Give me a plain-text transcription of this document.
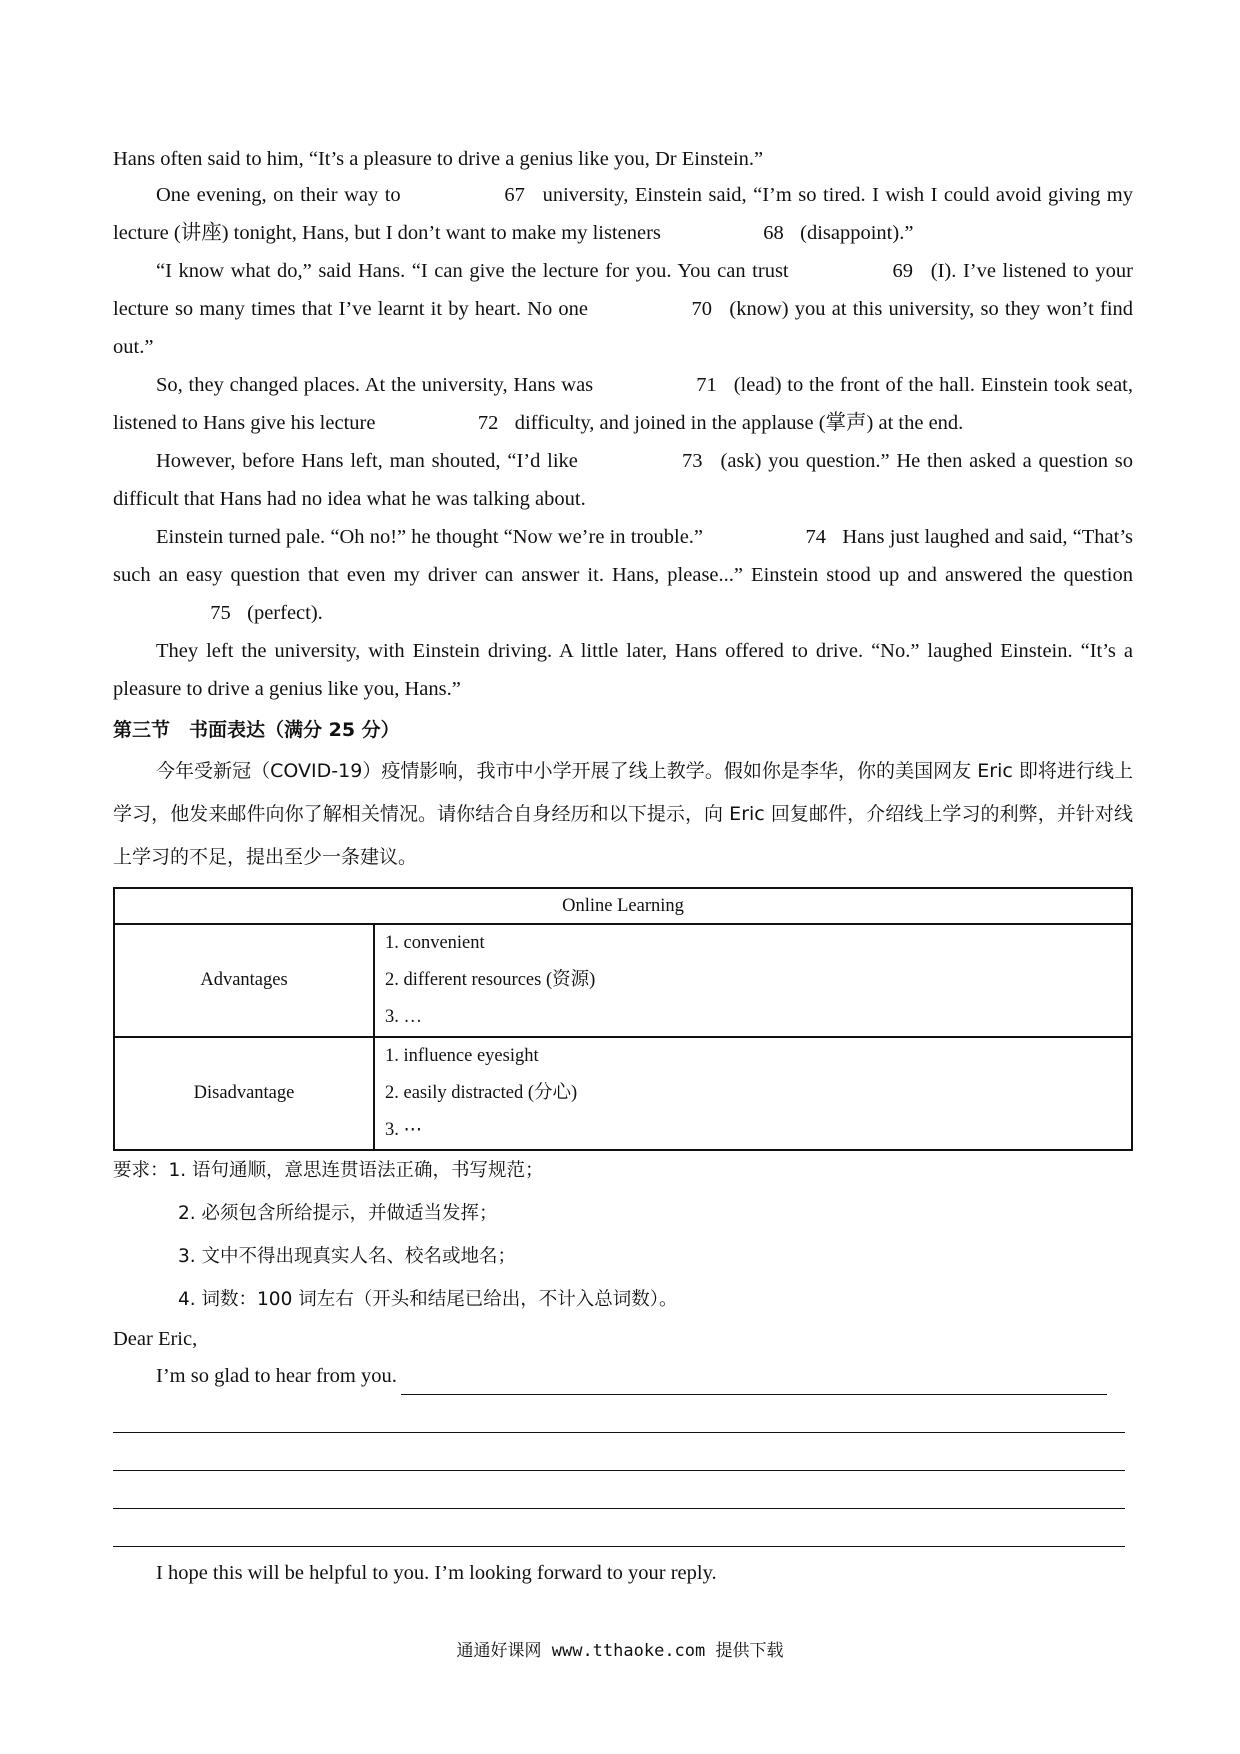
Hans often said to him, “It’s a pleasure to drive a genius like you, Dr Einstein.”

One evening, on their way to	67 university, Einstein said, “I’m so tired. I wish I could avoid giving my lecture (讲座) tonight, Hans, but I don’t want to make my listeners	68 (disappoint).”

“I know what do,” said Hans. “I can give the lecture for you. You can trust	69 (I). I’ve listened to your lecture so many times that I’ve learnt it by heart. No one	70 (know) you at this university, so they won’t find out.”

So, they changed places. At the university, Hans was	71 (lead) to the front of the hall. Einstein took seat, listened to Hans give his lecture	72 difficulty, and joined in the applause (掌声) at the end.

However, before Hans left, man shouted, “I’d like	73 (ask) you question.” He then asked a question so difficult that Hans had no idea what he was talking about.

Einstein turned pale. “Oh no!” he thought “Now we’re in trouble.”	74 Hans just laughed and said, “That’s such an easy question that even my driver can answer it. Hans, please...” Einstein stood up and answered the question 75 (perfect).

They left the university, with Einstein driving. A little later, Hans offered to drive. “No.” laughed Einstein. “It’s a pleasure to drive a genius like you, Hans.”

第三节　书面表达（满分 25 分）

今年受新冠（COVID-19）疫情影响，我市中小学开展了线上教学。假如你是李华，你的美国网友 Eric 即将进行线上学习，他发来邮件向你了解相关情况。请你结合自身经历和以下提示，向 Eric 回复邮件，介绍线上学习的利弊，并针对线上学习的不足，提出至少一条建议。

Online Learning	
Advantages	1. convenient
2. different resources (资源)
3. …

Disadvantage	1. influence eyesight
2. easily distracted (分心)
3. ⋯
要求：1. 语句通顺，意思连贯语法正确，书写规范；
2. 必须包含所给提示，并做适当发挥；
3. 文中不得出现真实人名、校名或地名；
4. 词数：100 词左右（开头和结尾已给出，不计入总词数）。

Dear Eric,

I’m so glad to hear from you.

I hope this will be helpful to you. I’m looking forward to your reply.

通通好课网 www.tthaoke.com 提供下载
